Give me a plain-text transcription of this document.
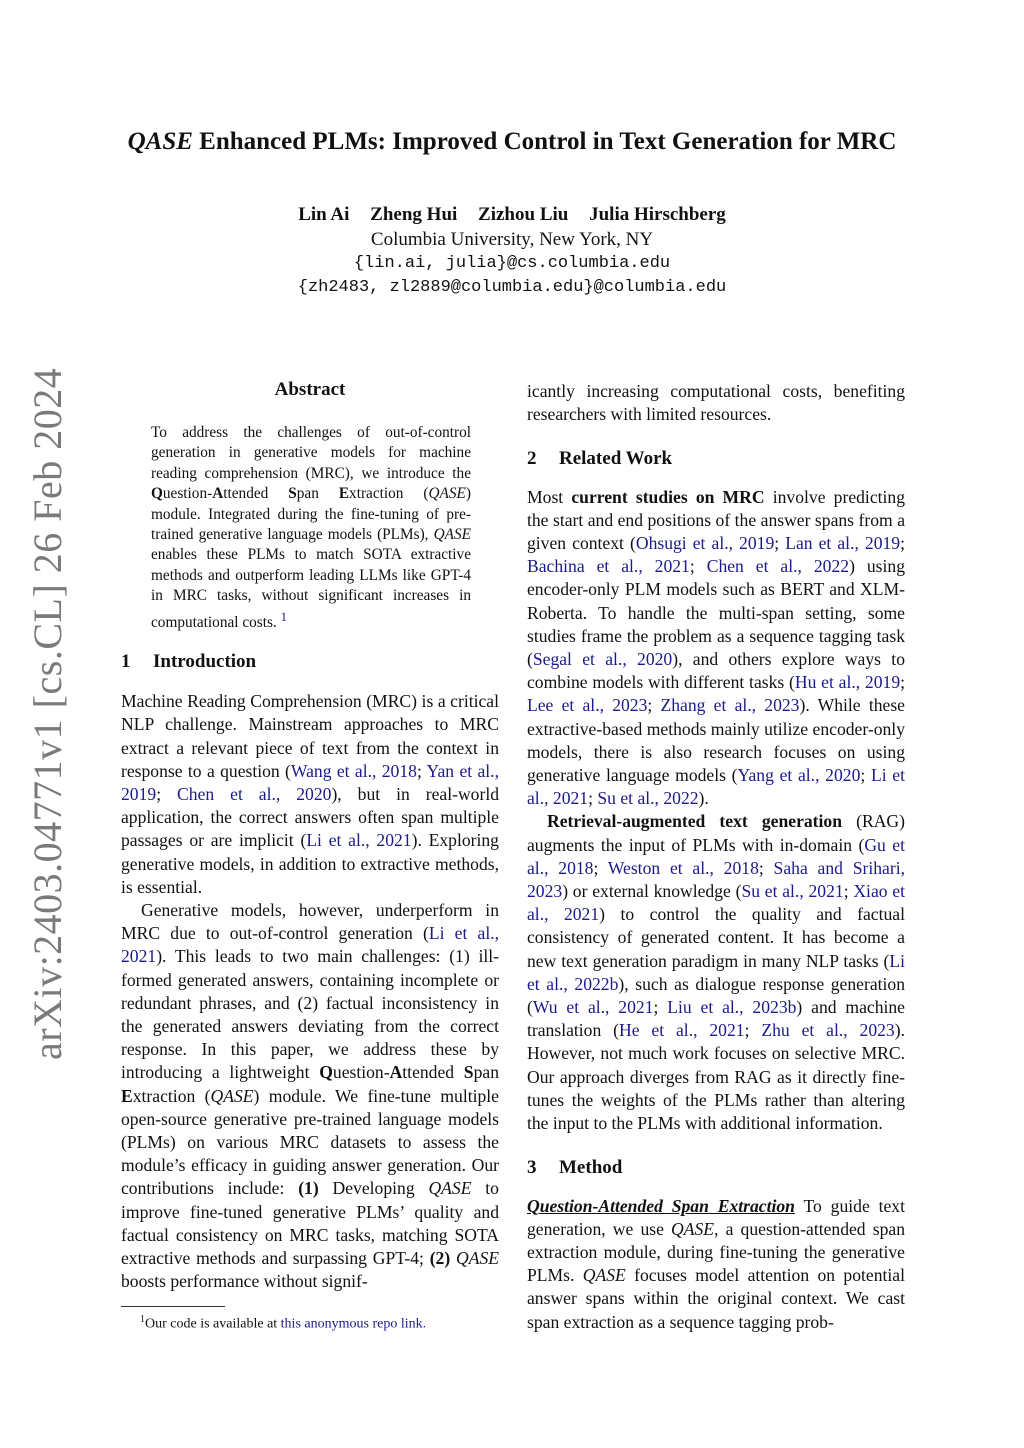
arXiv:2403.04771v1 [cs.CL] 26 Feb 2024
QASE Enhanced PLMs: Improved Control in Text Generation for MRC
Lin Ai Zheng Hui Zizhou Liu Julia Hirschberg
Columbia University, New York, NY
{lin.ai, julia}@cs.columbia.edu
{zh2483, zl2889@columbia.edu}@columbia.edu
Abstract
To address the challenges of out-of-control generation in generative models for machine reading comprehension (MRC), we introduce the Question-Attended Span Extraction (QASE) module. Integrated during the fine-tuning of pre-trained generative language models (PLMs), QASE enables these PLMs to match SOTA extractive methods and outperform leading LLMs like GPT-4 in MRC tasks, without significant increases in computational costs. $^1$

1 Introduction

Machine Reading Comprehension (MRC) is a critical NLP challenge. Mainstream approaches to MRC extract a relevant piece of text from the context in response to a question (Wang et al., 2018; Yan et al., 2019; Chen et al., 2020), but in real-world application, the correct answers often span multiple passages or are implicit (Li et al., 2021). Exploring generative models, in addition to extractive methods, is essential.

Generative models, however, underperform in MRC due to out-of-control generation (Li et al., 2021). This leads to two main challenges: (1) ill-formed generated answers, containing incomplete or redundant phrases, and (2) factual inconsistency in the generated answers deviating from the correct response. In this paper, we address these by introducing a lightweight Question-Attended Span Extraction (QASE) module. We fine-tune multiple open-source generative pre-trained language models (PLMs) on various MRC datasets to assess the module’s efficacy in guiding answer generation. Our contributions include: (1) Developing QASE to improve fine-tuned generative PLMs’ quality and factual consistency on MRC tasks, matching SOTA extractive methods and surpassing GPT-4; (2) QASE boosts performance without signif-

$^1$Our code is available at this anonymous repo link.

icantly increasing computational costs, benefiting researchers with limited resources.

2 Related Work

Most current studies on MRC involve predicting the start and end positions of the answer spans from a given context (Ohsugi et al., 2019; Lan et al., 2019; Bachina et al., 2021; Chen et al., 2022) using encoder-only PLM models such as BERT and XLM-Roberta. To handle the multi-span setting, some studies frame the problem as a sequence tagging task (Segal et al., 2020), and others explore ways to combine models with different tasks (Hu et al., 2019; Lee et al., 2023; Zhang et al., 2023). While these extractive-based methods mainly utilize encoder-only models, there is also research focuses on using generative language models (Yang et al., 2020; Li et al., 2021; Su et al., 2022).

Retrieval-augmented text generation (RAG) augments the input of PLMs with in-domain (Gu et al., 2018; Weston et al., 2018; Saha and Srihari, 2023) or external knowledge (Su et al., 2021; Xiao et al., 2021) to control the quality and factual consistency of generated content. It has become a new text generation paradigm in many NLP tasks (Li et al., 2022b), such as dialogue response generation (Wu et al., 2021; Liu et al., 2023b) and machine translation (He et al., 2021; Zhu et al., 2023). However, not much work focuses on selective MRC. Our approach diverges from RAG as it directly fine-tunes the weights of the PLMs rather than altering the input to the PLMs with additional information.

3 Method

Question-Attended Span Extraction To guide text generation, we use QASE, a question-attended span extraction module, during fine-tuning the generative PLMs. QASE focuses model attention on potential answer spans within the original context. We cast span extraction as a sequence tagging prob-
